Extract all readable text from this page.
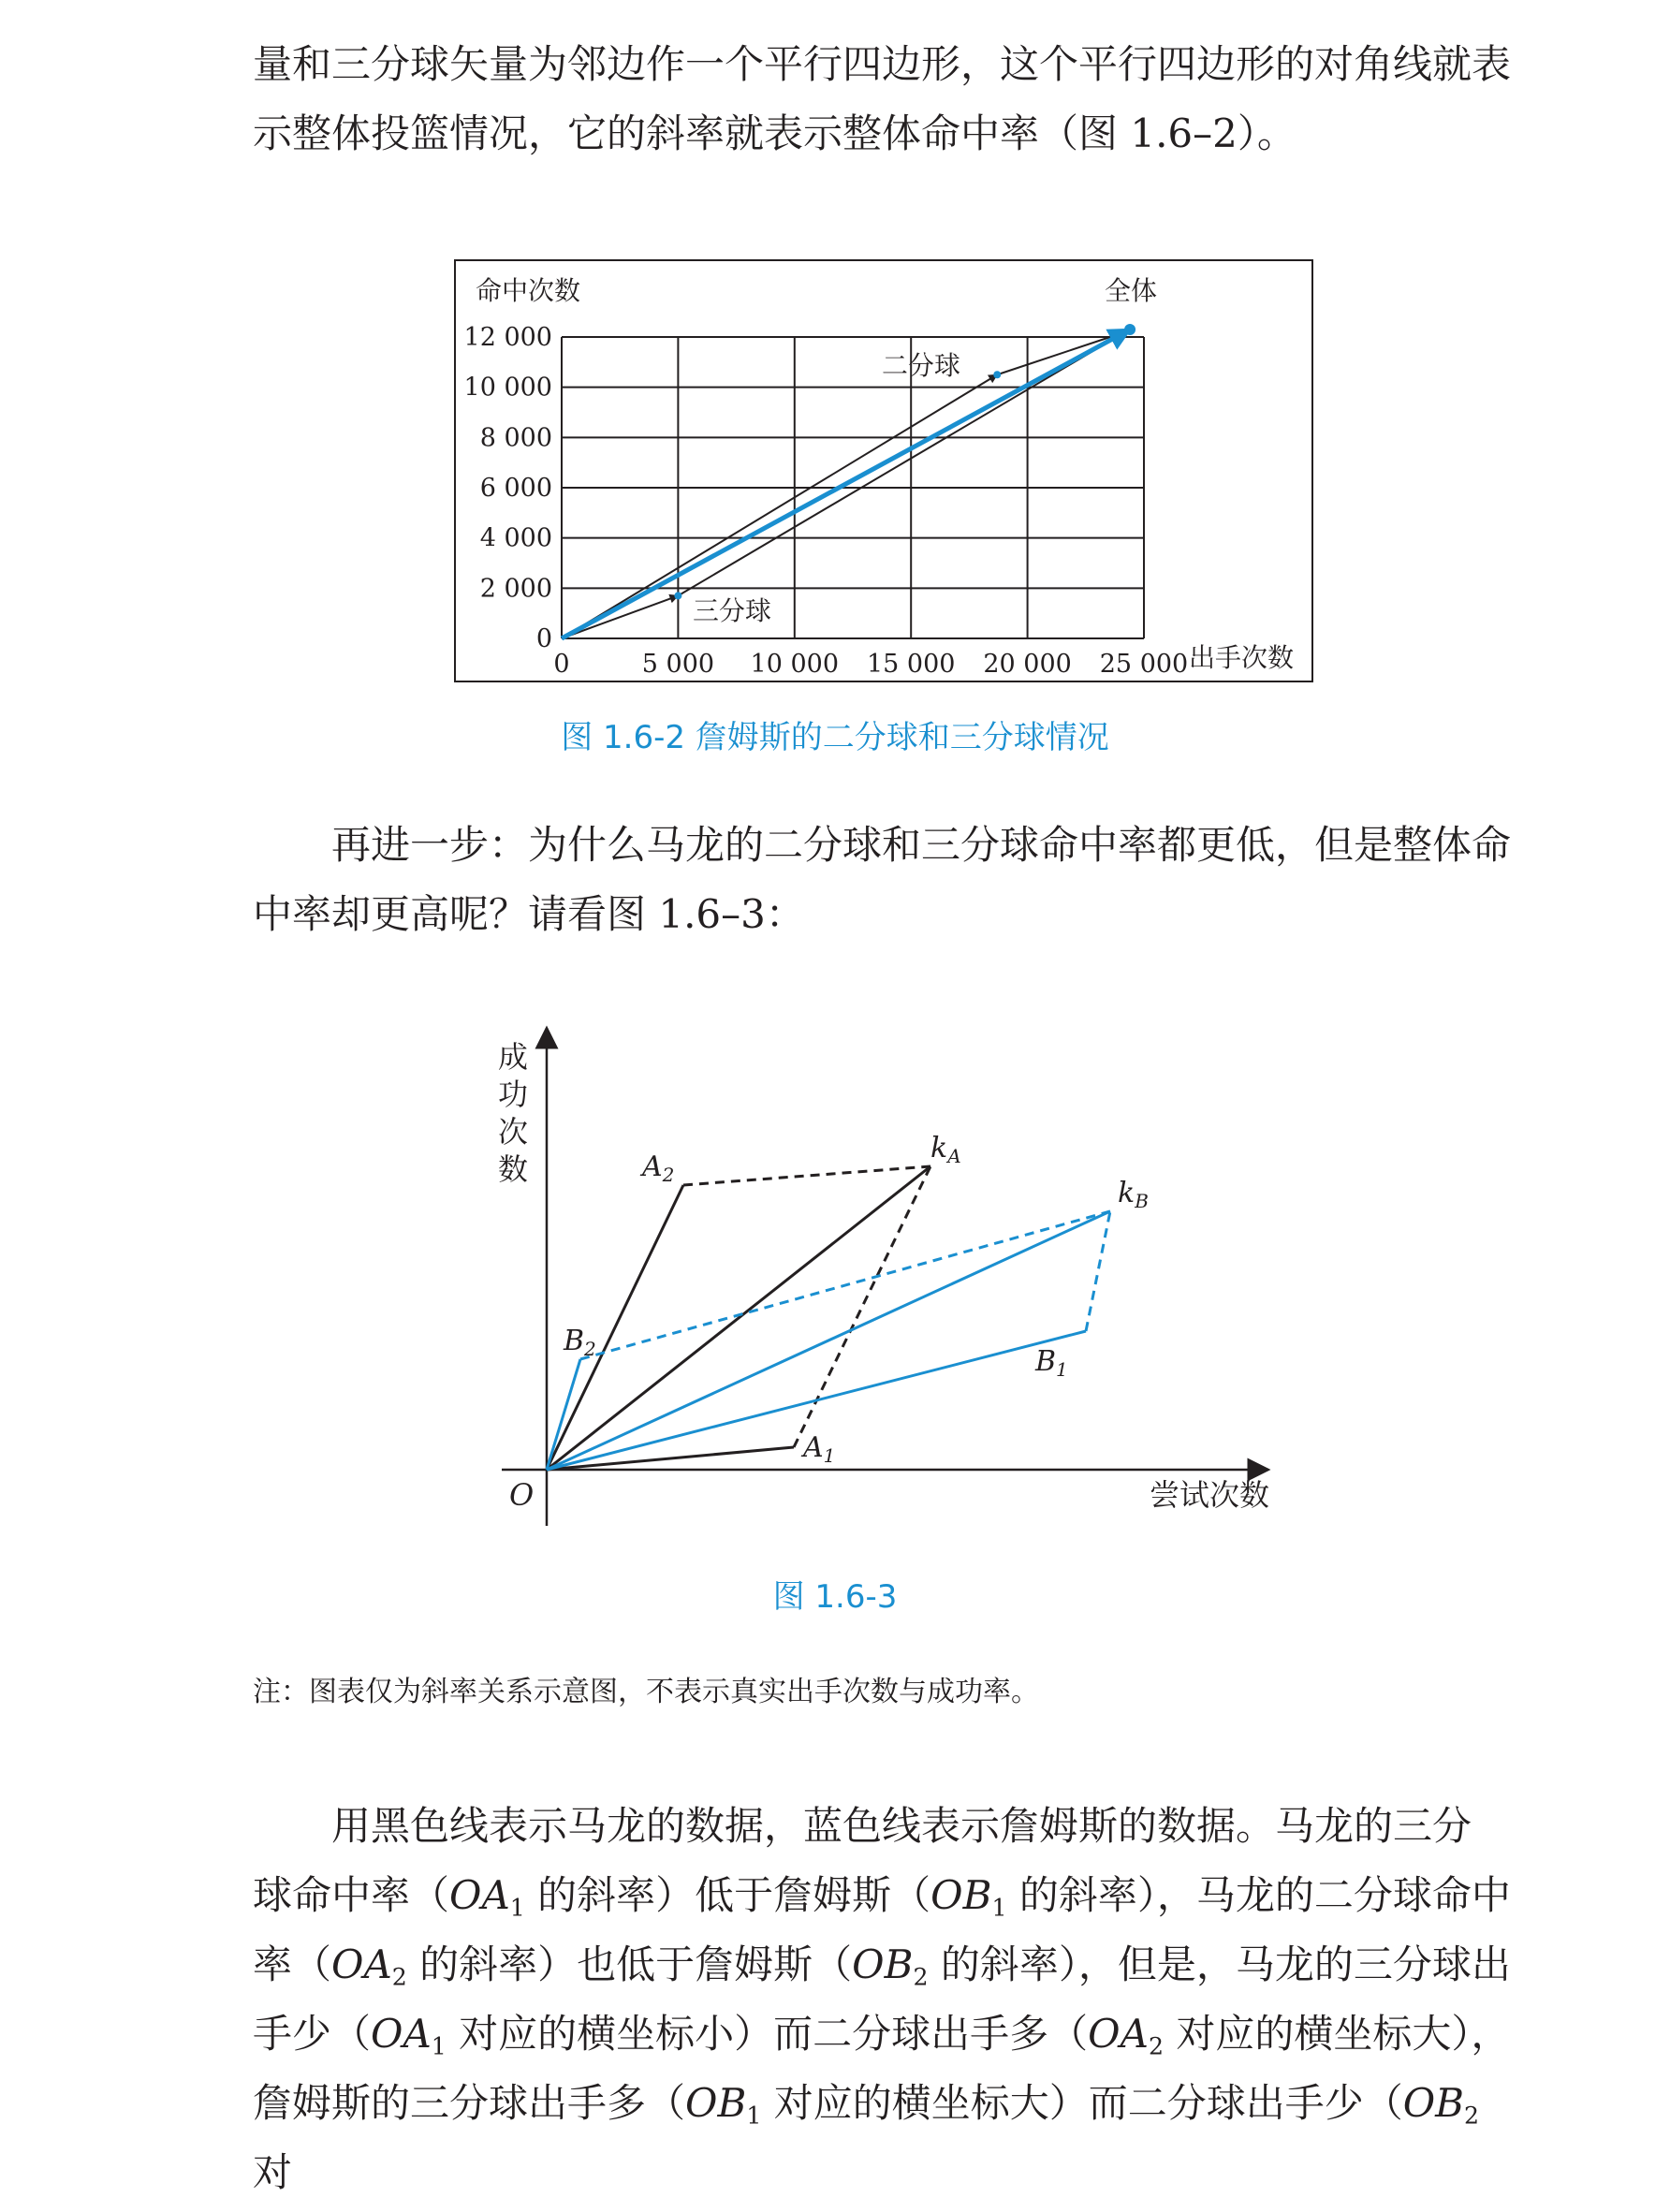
量和三分球矢量为邻边作一个平行四边形，这个平行四边形的对角线就表
示整体投篮情况，它的斜率就表示整体命中率（图 1.6–2）。
命中次数
出手次数
12 000
10 000
8 000
6 000
4 000
2 000
0
0	5 000 10 000 15 000 20 000 25 000
全体
二分球
三分球
图 1.6-2 詹姆斯的二分球和三分球情况
再进一步：为什么马龙的二分球和三分球命中率都更低，但是整体命
中率却更高呢？请看图 1.6–3：
成
功
次
数
尝试次数
O
$A_2$
$k_A$
$k_B$
$B_2$	$B_1$
$A_1$
图 1.6-3
注：图表仅为斜率关系示意图，不表示真实出手次数与成功率。
用黑色线表示马龙的数据，蓝色线表示詹姆斯的数据。马龙的三分
球命中率（$OA_1$ 的斜率）低于詹姆斯（$OB_1$ 的斜率），马龙的二分球命中
率（$OA_2$ 的斜率）也低于詹姆斯（$OB_2$ 的斜率），但是，马龙的三分球出
手少（$OA_1$ 对应的横坐标小）而二分球出手多（$OA_2$ 对应的横坐标大），
詹姆斯的三分球出手多（$OB_1$ 对应的横坐标大）而二分球出手少（$OB_2$ 对
